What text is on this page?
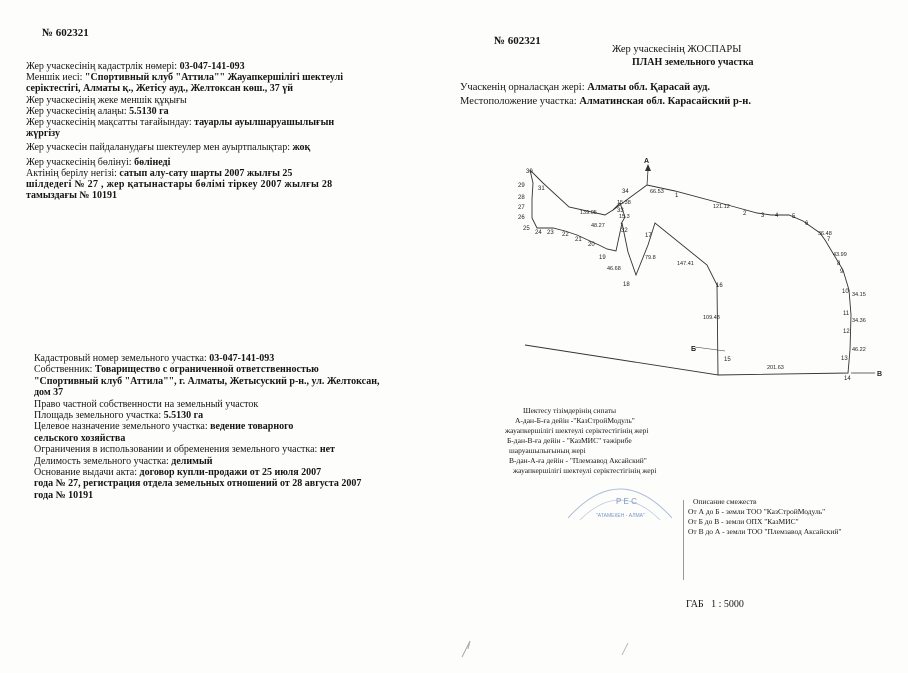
№ 602321
Жер учаскесінің кадастрлік нөмері: 03-047-141-093
Меншік иесі: "Спортивный клуб "Аттила"" Жауапкершілігі шектеулі
серіктестігі, Алматы қ., Жетісу ауд., Желтоксан көш., 37 үй
Жер учаскесінің жеке меншік құқығы
Жер учаскесінің алаңы: 5.5130 га
Жер учаскесінің мақсатты тағайындау: тауарлы ауылшаруашылығын
жүргізу
Жер учаскесін пайдаланудағы шектеулер мен ауыртпалықтар: жоқ
Жер учаскесінің бөлінуі: бөлінеді
Актінің берілу негізі: сатып алу-сату шарты 2007 жылғы 25
шілдедегі № 27 , жер қатынастары бөлімі тіркеу 2007 жылғы 28
тамыздағы № 10191
Кадастровый номер земельного участка: 03-047-141-093
Собственник: Товарищество с ограниченной ответственностью
"Спортивный клуб "Аттила"", г. Алматы, Жетысуский р-н., ул. Желтоксан,
дом 37
Право частной собственности на земельный участок
Площадь земельного участка: 5.5130 га
Целевое назначение земельного участка: ведение товарного
сельского хозяйства
Ограничения в использовании и обременения земельного участка: нет
Делимость земельного участка: делимый
Основание выдачи акта: договор купли-продажи от 25 июля 2007
года № 27, регистрация отдела земельных отношений от 28 августа 2007
года № 10191
№ 602321
Жер учаскесінің ЖОСПАРЫ
ПЛАН земельного участка
Учаскенің орналасқан жері: Алматы обл. Қарасай ауд.
Местоположение участка: Алматинская обл. Карасайский р-н.
А
Б
В
1
2 3 4 5
6
7
8
9
10
11
12
13
14
15
16
17
18
19
20
21
22
23
24
25
26
27
28
29
30
31
32
33
34	66.53
121.12
36.48
43.99
34.15
34.36
46.22
201.63
109.43
147.41
79.8
46.68
48.27
139.05
15.38
15.3
Шектесу тізімдерінің сипаты
А-дан-Б-ға дейін -"КазСтройМодуль"
жауапкершілігі шектеулі серіктестігінің жері
Б-дан-В-ға дейін - "КазМИС" тәжірибе
шаруашылығының жері
В-дан-А-ға дейін - "Племзавод Аксайский"
жауапкершілігі шектеулі серіктестігінің жері
Описание смежеств
От А до Б - земли ТОО "КазСтройМодуль"
От Б до В - земли ОПХ "КазМИС"
От В до А - земли ТОО "Племзавод Аксайский"
Р Е С
"АТАМЕКЕН - АЛМА"
ГАБ   1 : 5000
